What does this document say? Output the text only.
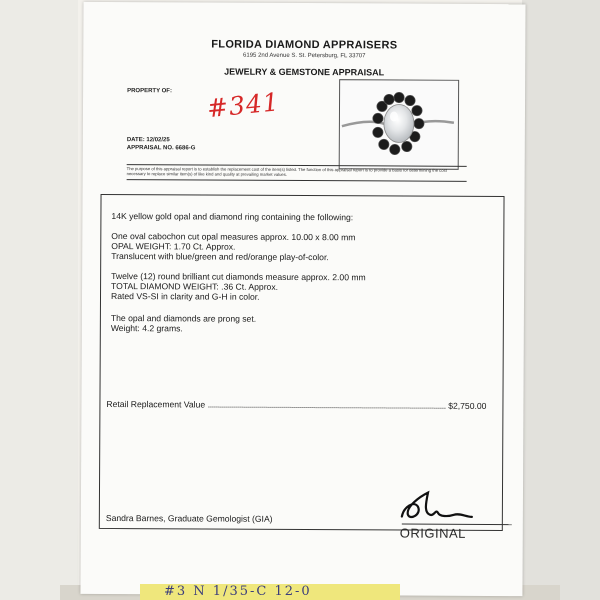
FLORIDA DIAMOND APPRAISERS
6195 2nd Avenue S. St. Petersburg, FL 33707
JEWELRY & GEMSTONE APPRAISAL
PROPERTY OF: #341
DATE: 12/02/25
APPRAISAL NO. 6686-G
The purpose of this appraisal report is to establish the replacement cost of the item(s) listed. The function of this appraisal report is to provide a basis for determining the cost necessary to replace similar item(s) of like kind and quality at prevailing market values.
14K yellow gold opal and diamond ring containing the following:
One oval cabochon cut opal measures approx. 10.00 x 8.00 mm
OPAL WEIGHT: 1.70 Ct. Approx.
Translucent with blue/green and red/orange play-of-color.
Twelve (12) round brilliant cut diamonds measure approx. 2.00 mm
TOTAL DIAMOND WEIGHT: .36 Ct. Approx.
Rated VS-SI in clarity and G-H in color.
The opal and diamonds are prong set.
Weight: 4.2 grams.
Retail Replacement Value	$2,750.00
Sandra Barnes, Graduate Gemologist (GIA)
ORIGINAL
#3 N 1/35-C 12-0
